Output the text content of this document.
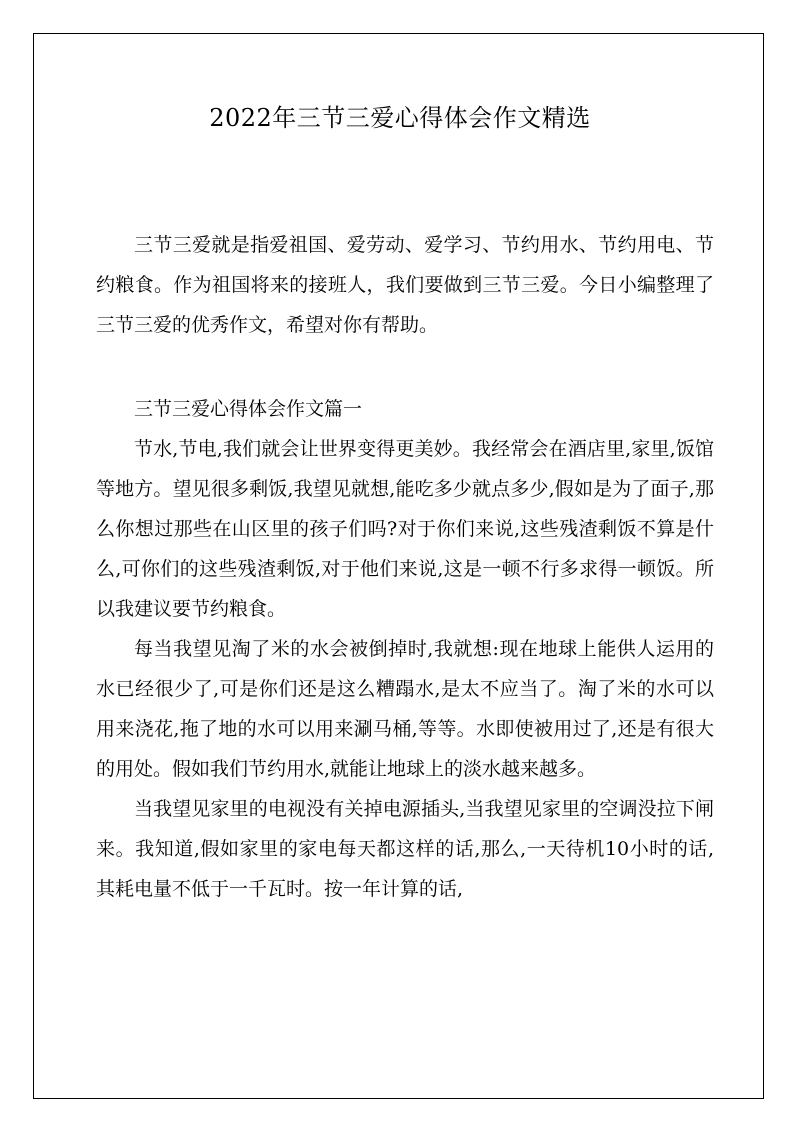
2022年三节三爱心得体会作文精选

三节三爱就是指爱祖国、爱劳动、爱学习、节约用水、节约用电、节约粮食。作为祖国将来的接班人，我们要做到三节三爱。今日小编整理了三节三爱的优秀作文，希望对你有帮助。

三节三爱心得体会作文篇一

节水,节电,我们就会让世界变得更美妙。我经常会在酒店里,家里,饭馆等地方。望见很多剩饭,我望见就想,能吃多少就点多少,假如是为了面子,那么你想过那些在山区里的孩子们吗?对于你们来说,这些残渣剩饭不算是什么,可你们的这些残渣剩饭,对于他们来说,这是一顿不行多求得一顿饭。所以我建议要节约粮食。

每当我望见淘了米的水会被倒掉时,我就想:现在地球上能供人运用的水已经很少了,可是你们还是这么糟蹋水,是太不应当了。淘了米的水可以用来浇花,拖了地的水可以用来涮马桶,等等。水即使被用过了,还是有很大的用处。假如我们节约用水,就能让地球上的淡水越来越多。

当我望见家里的电视没有关掉电源插头,当我望见家里的空调没拉下闸来。我知道,假如家里的家电每天都这样的话,那么,一天待机10小时的话,其耗电量不低于一千瓦时。按一年计算的话,
